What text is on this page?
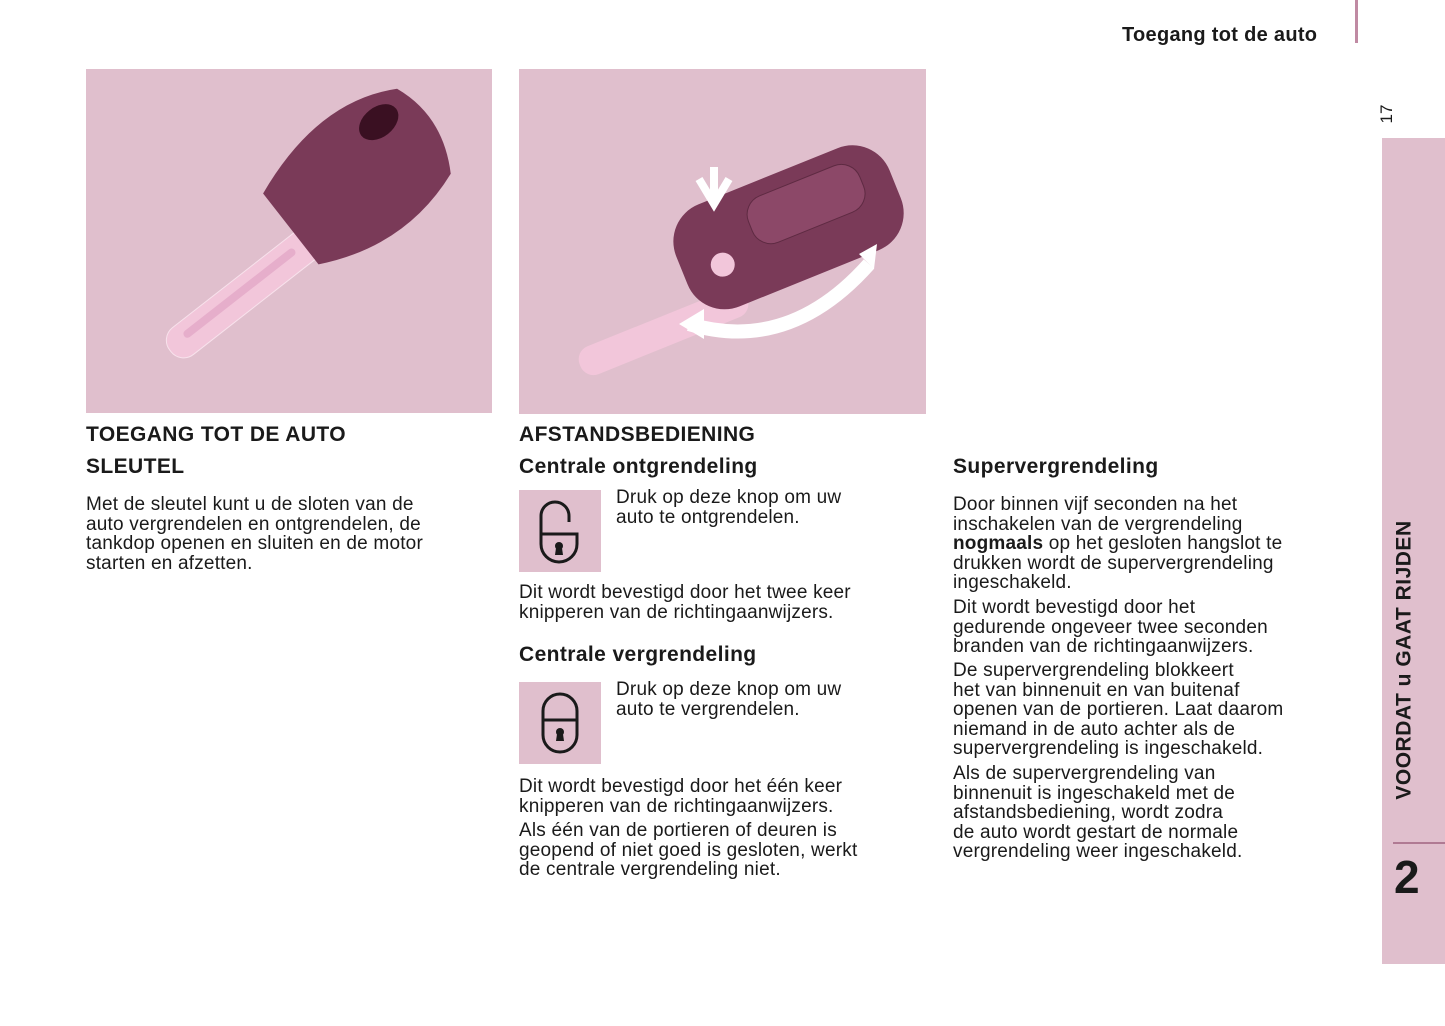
Toegang tot de auto
17
VOORDAT u GAAT RIJDEN
2
TOEGANG TOT DE AUTO
SLEUTEL

Met de sleutel kunt u de sloten van de
auto vergrendelen en ontgrendelen, de
tankdop openen en sluiten en de motor
starten en afzetten.

AFSTANDSBEDIENING
Centrale ontgrendeling

Druk op deze knop om uw
auto te ontgrendelen.

Dit wordt bevestigd door het twee keer
knipperen van de richtingaanwijzers.

Centrale vergrendeling

Druk op deze knop om uw
auto te vergrendelen.

Dit wordt bevestigd door het één keer
knipperen van de richtingaanwijzers.

Als één van de portieren of deuren is
geopend of niet goed is gesloten, werkt
de centrale vergrendeling niet.

Supervergrendeling

Door binnen vijf seconden na het
inschakelen van de vergrendeling
nogmaals op het gesloten hangslot te
drukken wordt de supervergrendeling
ingeschakeld.

Dit wordt bevestigd door het
gedurende ongeveer twee seconden
branden van de richtingaanwijzers.

De supervergrendeling blokkeert
het van binnenuit en van buitenaf
openen van de portieren. Laat daarom
niemand in de auto achter als de
supervergrendeling is ingeschakeld.

Als de supervergrendeling van
binnenuit is ingeschakeld met de
afstandsbediening, wordt zodra
de auto wordt gestart de normale
vergrendeling weer ingeschakeld.
